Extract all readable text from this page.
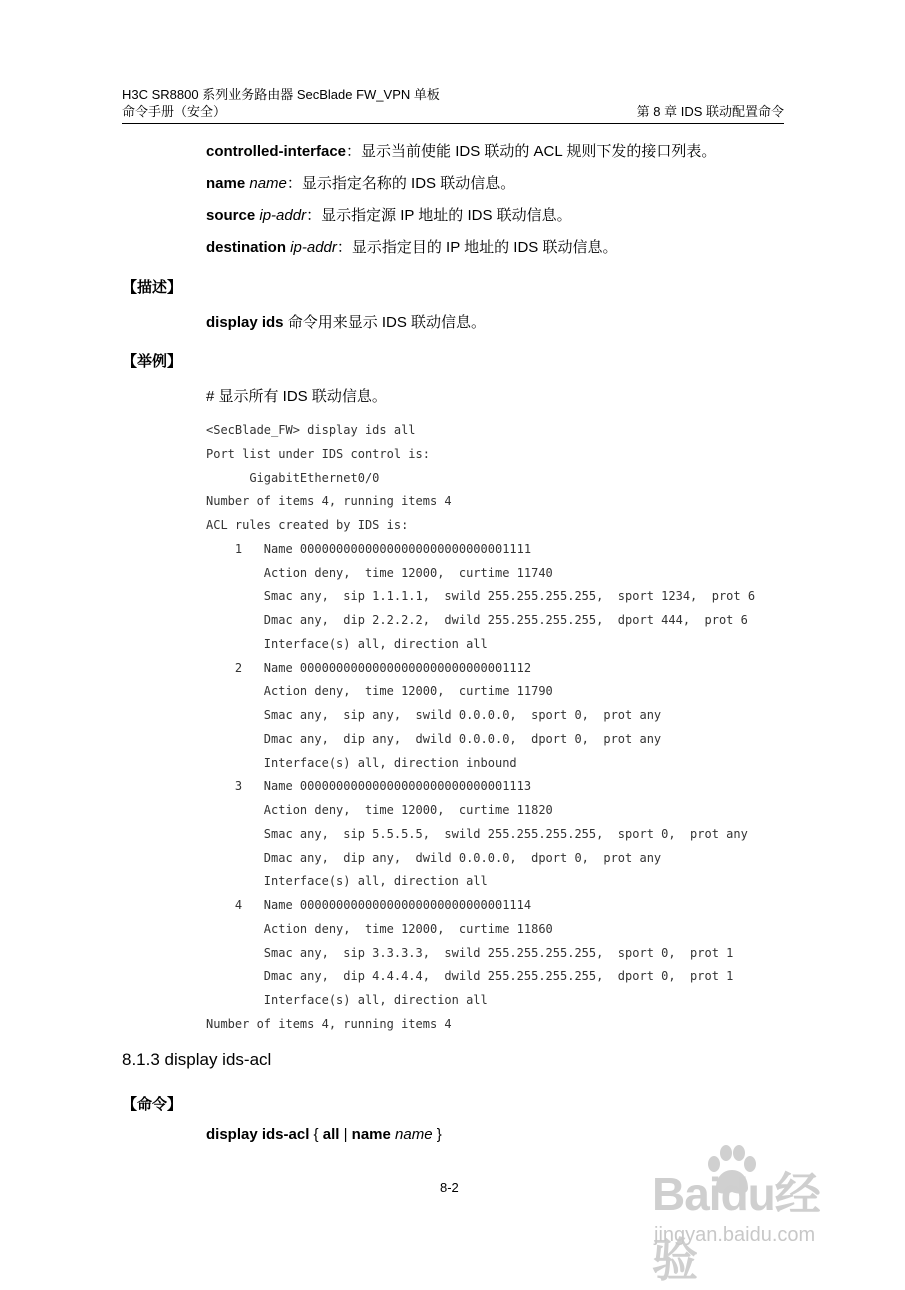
H3C SR8800 系列业务路由器 SecBlade FW_VPN 单板
命令手册（安全）	第 8 章 IDS 联动配置命令
controlled-interface：显示当前使能 IDS 联动的 ACL 规则下发的接口列表。
name name：显示指定名称的 IDS 联动信息。
source ip-addr：显示指定源 IP 地址的 IDS 联动信息。
destination ip-addr：显示指定目的 IP 地址的 IDS 联动信息。
【描述】
display ids 命令用来显示 IDS 联动信息。
【举例】
# 显示所有 IDS 联动信息。
<SecBlade_FW> display ids all
Port list under IDS control is:
GigabitEthernet0/0
Number of items 4, running items 4
ACL rules created by IDS is:
1   Name 00000000000000000000000000001111
Action deny,  time 12000,  curtime 11740
Smac any,  sip 1.1.1.1,  swild 255.255.255.255,  sport 1234,  prot 6
Dmac any,  dip 2.2.2.2,  dwild 255.255.255.255,  dport 444,  prot 6
Interface(s) all, direction all
2   Name 00000000000000000000000000001112
Action deny,  time 12000,  curtime 11790
Smac any,  sip any,  swild 0.0.0.0,  sport 0,  prot any
Dmac any,  dip any,  dwild 0.0.0.0,  dport 0,  prot any
Interface(s) all, direction inbound
3   Name 00000000000000000000000000001113
Action deny,  time 12000,  curtime 11820
Smac any,  sip 5.5.5.5,  swild 255.255.255.255,  sport 0,  prot any
Dmac any,  dip any,  dwild 0.0.0.0,  dport 0,  prot any
Interface(s) all, direction all
4   Name 00000000000000000000000000001114
Action deny,  time 12000,  curtime 11860
Smac any,  sip 3.3.3.3,  swild 255.255.255.255,  sport 0,  prot 1
Dmac any,  dip 4.4.4.4,  dwild 255.255.255.255,  dport 0,  prot 1
Interface(s) all, direction all
Number of items 4, running items 4
8.1.3 display ids-acl
【命令】
display ids-acl { all | name name }
8-2	Baidu经验
jingyan.baidu.com
